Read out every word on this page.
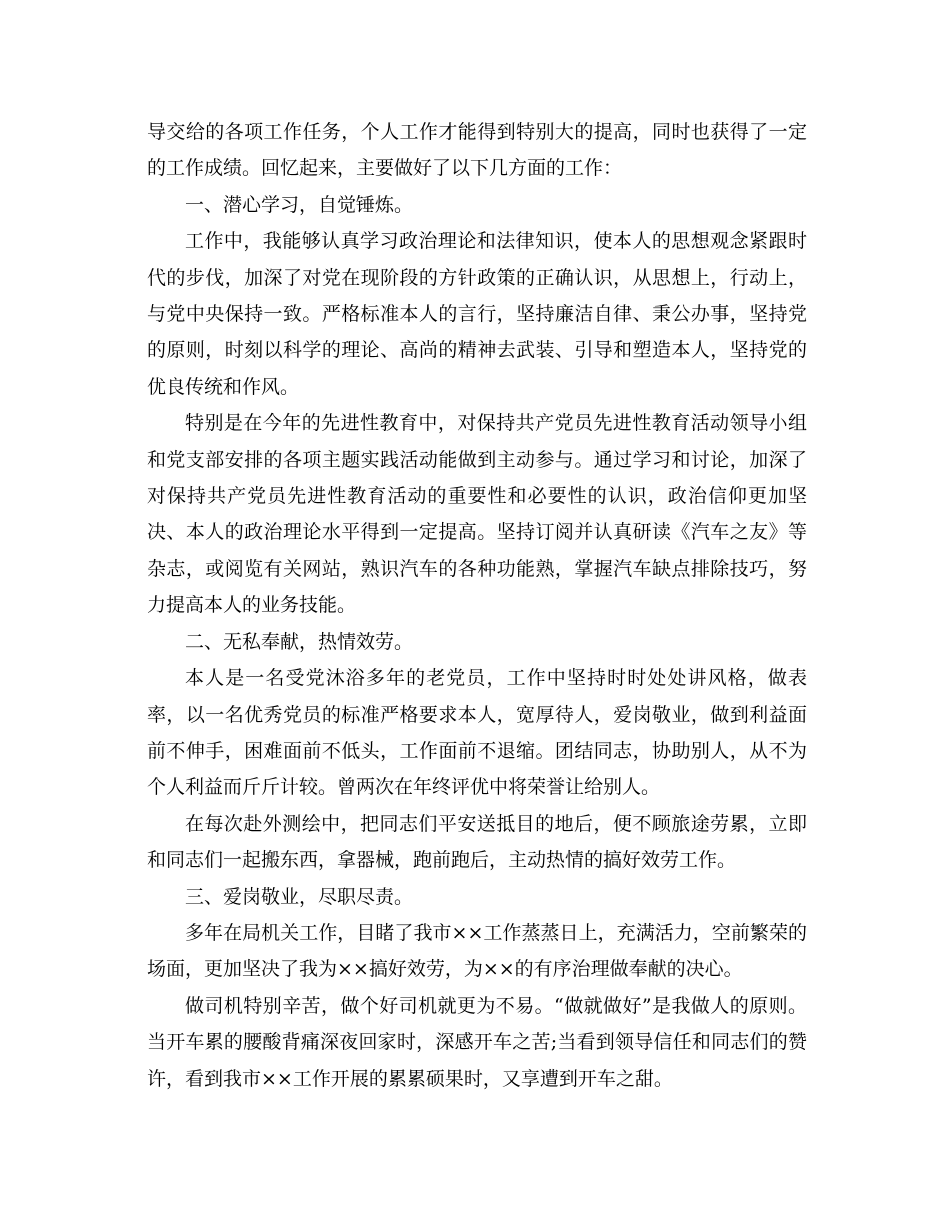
导交给的各项工作任务，个人工作才能得到特别大的提高，同时也获得了一定的工作成绩。回忆起来，主要做好了以下几方面的工作：

一、潜心学习，自觉锤炼。

工作中，我能够认真学习政治理论和法律知识，使本人的思想观念紧跟时代的步伐，加深了对党在现阶段的方针政策的正确认识，从思想上，行动上，与党中央保持一致。严格标准本人的言行，坚持廉洁自律、秉公办事，坚持党的原则，时刻以科学的理论、高尚的精神去武装、引导和塑造本人，坚持党的优良传统和作风。

特别是在今年的先进性教育中，对保持共产党员先进性教育活动领导小组和党支部安排的各项主题实践活动能做到主动参与。通过学习和讨论，加深了对保持共产党员先进性教育活动的重要性和必要性的认识，政治信仰更加坚决、本人的政治理论水平得到一定提高。坚持订阅并认真研读《汽车之友》等杂志，或阅览有关网站，熟识汽车的各种功能熟，掌握汽车缺点排除技巧，努力提高本人的业务技能。

二、无私奉献，热情效劳。

本人是一名受党沐浴多年的老党员，工作中坚持时时处处讲风格，做表率，以一名优秀党员的标准严格要求本人，宽厚待人，爱岗敬业，做到利益面前不伸手，困难面前不低头，工作面前不退缩。团结同志，协助别人，从不为个人利益而斤斤计较。曾两次在年终评优中将荣誉让给别人。

在每次赴外测绘中，把同志们平安送抵目的地后，便不顾旅途劳累，立即和同志们一起搬东西，拿器械，跑前跑后，主动热情的搞好效劳工作。

三、爱岗敬业，尽职尽责。

多年在局机关工作，目睹了我市××工作蒸蒸日上，充满活力，空前繁荣的场面，更加坚决了我为××搞好效劳，为××的有序治理做奉献的决心。

做司机特别辛苦，做个好司机就更为不易。“做就做好”是我做人的原则。当开车累的腰酸背痛深夜回家时，深感开车之苦;当看到领导信任和同志们的赞许，看到我市××工作开展的累累硕果时，又享遭到开车之甜。
